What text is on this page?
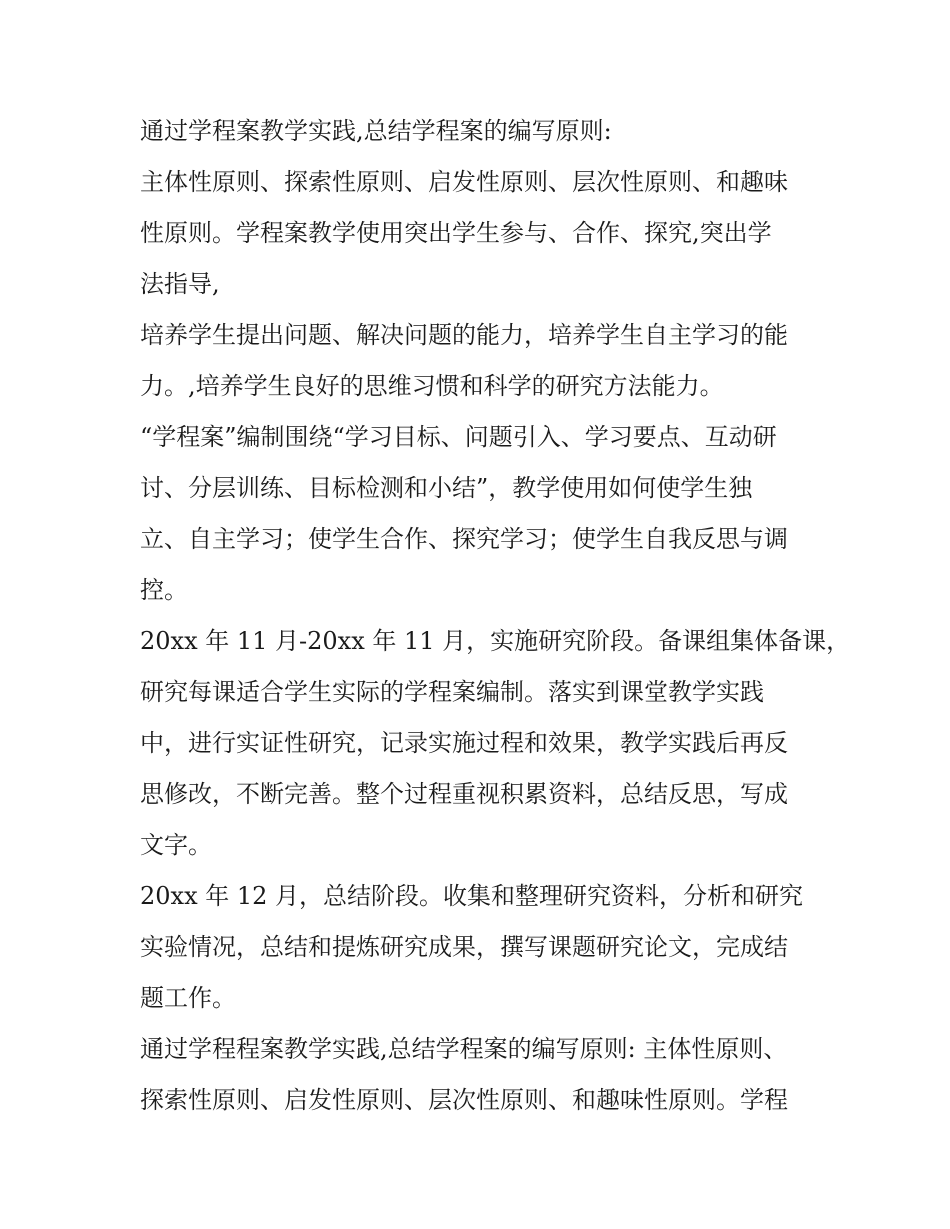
通过学程案教学实践,总结学程案的编写原则:
主体性原则、探索性原则、启发性原则、层次性原则、和趣味
性原则。学程案教学使用突出学生参与、合作、探究,突出学
法指导,
培养学生提出问题、解决问题的能力，培养学生自主学习的能
力。,培养学生良好的思维习惯和科学的研究方法能力。
“学程案”编制围绕“学习目标、问题引入、学习要点、互动研
讨、分层训练、目标检测和小结”，教学使用如何使学生独
立、自主学习；使学生合作、探究学习；使学生自我反思与调
控。
20xx 年 11 月-20xx 年 11 月，实施研究阶段。备课组集体备课，
研究每课适合学生实际的学程案编制。落实到课堂教学实践
中，进行实证性研究，记录实施过程和效果，教学实践后再反
思修改，不断完善。整个过程重视积累资料，总结反思，写成
文字。
20xx 年 12 月，总结阶段。收集和整理研究资料，分析和研究
实验情况，总结和提炼研究成果，撰写课题研究论文，完成结
题工作。
通过学程程案教学实践,总结学程案的编写原则: 主体性原则、
探索性原则、启发性原则、层次性原则、和趣味性原则。学程
